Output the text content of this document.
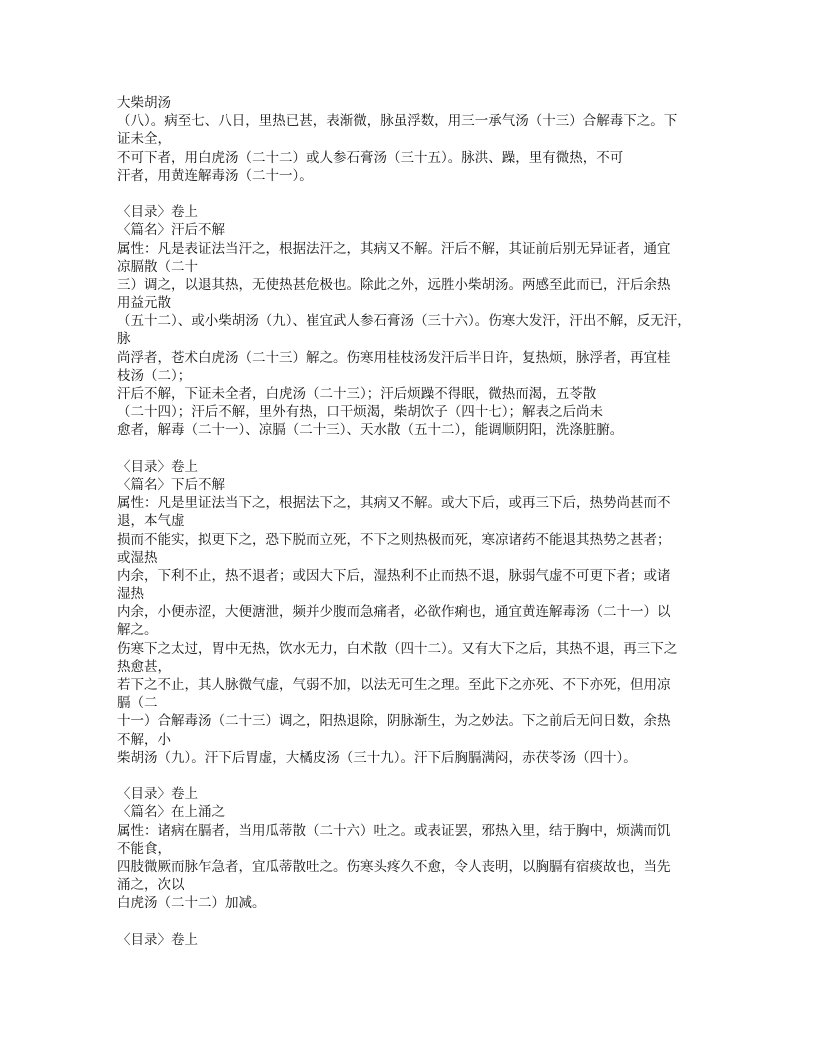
大柴胡汤
（八）。病至七、八日，里热已甚，表渐微，脉虽浮数，用三一承气汤（十三）合解毒下之。下
证未全，
不可下者，用白虎汤（二十二）或人参石膏汤（三十五）。脉洪、躁，里有微热，不可
汗者，用黄连解毒汤（二十一）。
〈目录〉卷上
〈篇名〉汗后不解
属性：凡是表证法当汗之，根据法汗之，其病又不解。汗后不解，其证前后别无异证者，通宜
凉膈散（二十
三）调之，以退其热，无使热甚危极也。除此之外，远胜小柴胡汤。两感至此而已，汗后余热
用益元散
（五十二）、或小柴胡汤（九）、崔宜武人参石膏汤（三十六）。伤寒大发汗，汗出不解，反无汗，
脉
尚浮者，苍术白虎汤（二十三）解之。伤寒用桂枝汤发汗后半日许，复热烦，脉浮者，再宜桂
枝汤（二）；
汗后不解，下证未全者，白虎汤（二十三）；汗后烦躁不得眠，微热而渴，五苓散
（二十四）；汗后不解，里外有热，口干烦渴，柴胡饮子（四十七）；解表之后尚未
愈者，解毒（二十一）、凉膈（二十三）、天水散（五十二），能调顺阴阳，洗涤脏腑。
〈目录〉卷上
〈篇名〉下后不解
属性：凡是里证法当下之，根据法下之，其病又不解。或大下后，或再三下后，热势尚甚而不
退，本气虚
损而不能实，拟更下之，恐下脱而立死，不下之则热极而死，寒凉诸药不能退其热势之甚者；
或湿热
内余，下利不止，热不退者；或因大下后，湿热利不止而热不退，脉弱气虚不可更下者；或诸
湿热
内余，小便赤涩，大便溏泄，频并少腹而急痛者，必欲作痢也，通宜黄连解毒汤（二十一）以
解之。
伤寒下之太过，胃中无热，饮水无力，白术散（四十二）。又有大下之后，其热不退，再三下之
热愈甚，
若下之不止，其人脉微气虚，气弱不加，以法无可生之理。至此下之亦死、不下亦死，但用凉
膈（二
十一）合解毒汤（二十三）调之，阳热退除，阴脉渐生，为之妙法。下之前后无问日数，余热
不解，小
柴胡汤（九）。汗下后胃虚，大橘皮汤（三十九）。汗下后胸膈满闷，赤茯苓汤（四十）。
〈目录〉卷上
〈篇名〉在上涌之
属性：诸病在膈者，当用瓜蒂散（二十六）吐之。或表证罢，邪热入里，结于胸中，烦满而饥
不能食，
四肢微厥而脉乍急者，宜瓜蒂散吐之。伤寒头疼久不愈，令人丧明，以胸膈有宿痰故也，当先
涌之，次以
白虎汤（二十二）加减。
〈目录〉卷上
